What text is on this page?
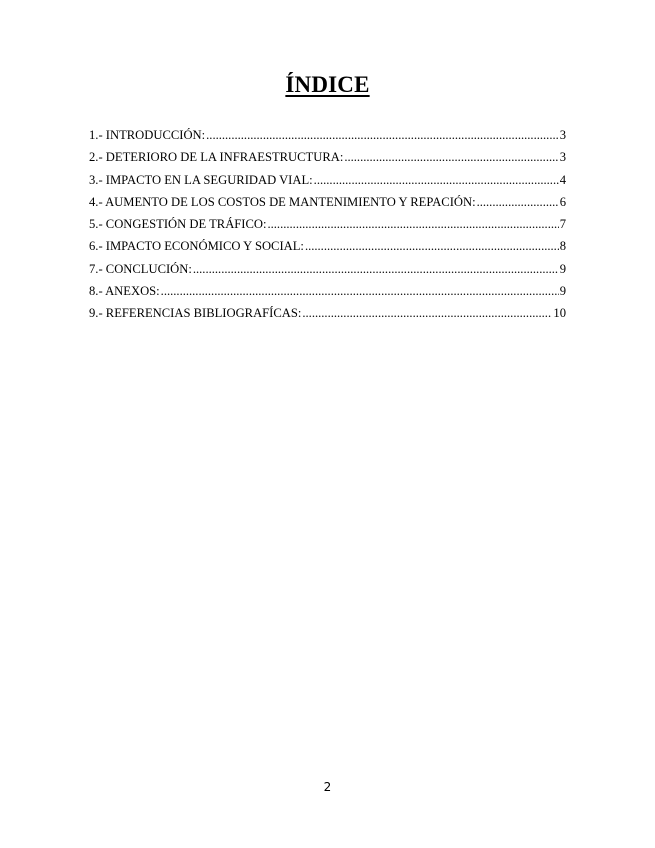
ÍNDICE
1.- INTRODUCCIÓN: .....	3
2.- DETERIORO DE LA INFRAESTRUCTURA: .....	3
3.- IMPACTO EN LA SEGURIDAD VIAL: .....	4
4.- AUMENTO DE LOS COSTOS DE MANTENIMIENTO Y REPACIÓN: .....	6
5.- CONGESTIÓN DE TRÁFICO: .....	7
6.- IMPACTO ECONÓMICO Y SOCIAL: .....	8
7.- CONCLUCIÓN: .....	9
8.- ANEXOS: .....	9
9.- REFERENCIAS BIBLIOGRAFÍCAS: .....	10
2
